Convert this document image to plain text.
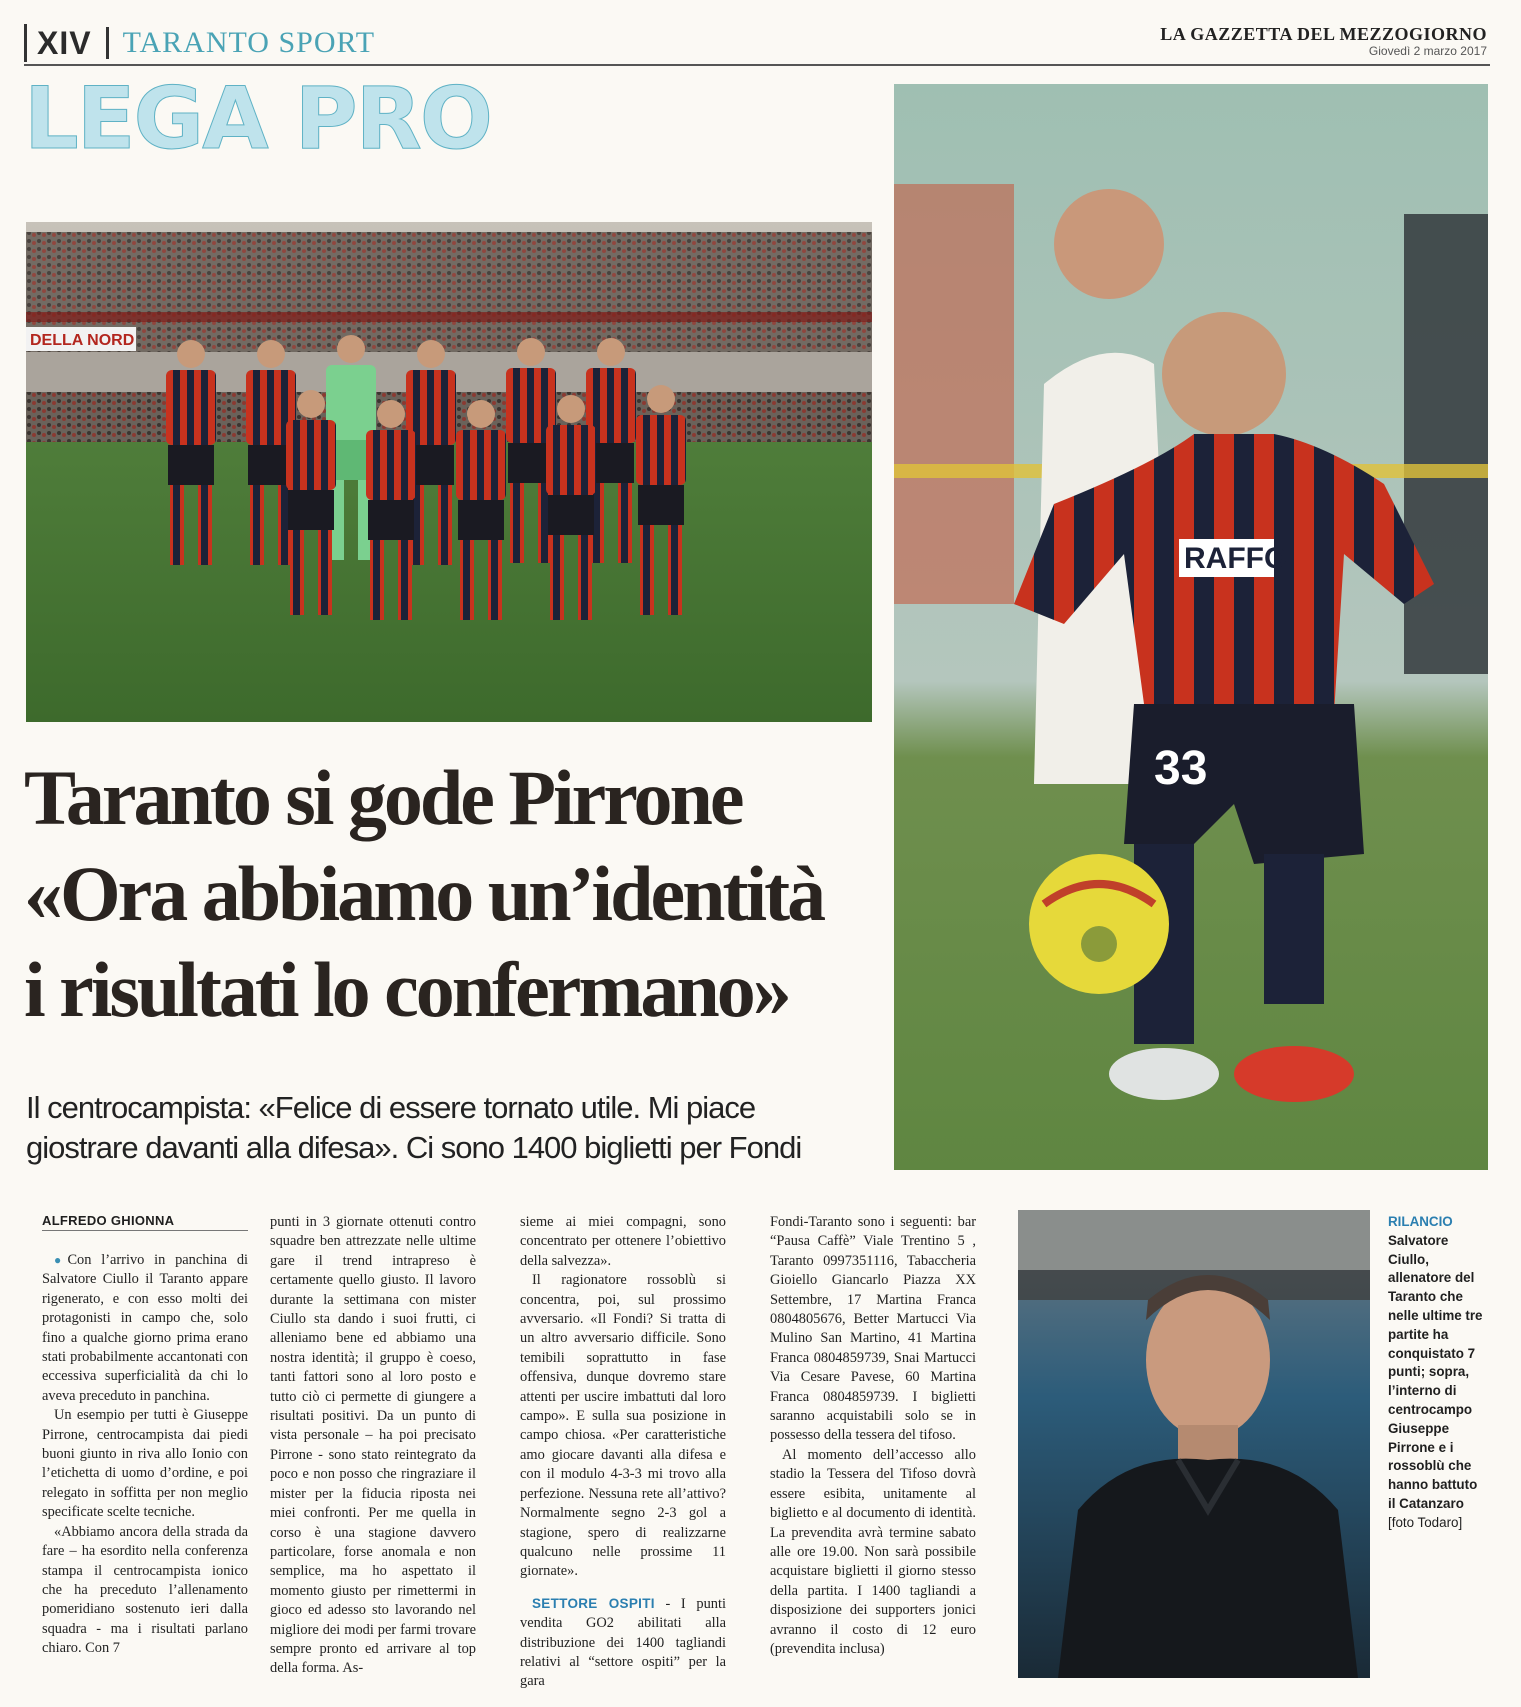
XIV TARANTO SPORT	LA GAZZETTA DEL MEZZOGIORNO
Giovedì 2 marzo 2017
LEGA PRO
DELLA NORD
RAFFO
33
Taranto si gode Pirrone
«Ora abbiamo un’identità
i risultati lo confermano»
Il centrocampista: «Felice di essere tornato utile. Mi piace
giostrare davanti alla difesa». Ci sono 1400 biglietti per Fondi
ALFREDO GHIONNA

●Con l’arrivo in panchina di Salvatore Ciullo il Taranto appare rigenerato, e con esso molti dei protagonisti in campo che, solo fino a qualche giorno prima erano stati probabilmente accantonati con eccessiva superficialità da chi lo aveva preceduto in panchina.

Un esempio per tutti è Giuseppe Pirrone, centrocampista dai piedi buoni giunto in riva allo Ionio con l’etichetta di uomo d’ordine, e poi relegato in soffitta per non meglio specificate scelte tecniche.

«Abbiamo ancora della strada da fare – ha esordito nella conferenza stampa il centrocampista ionico che ha preceduto l’allenamento pomeridiano sostenuto ieri dalla squadra - ma i risultati parlano chiaro. Con 7

punti in 3 giornate ottenuti contro squadre ben attrezzate nelle ultime gare il trend intrapreso è certamente quello giusto. Il lavoro durante la settimana con mister Ciullo sta dando i suoi frutti, ci alleniamo bene ed abbiamo una nostra identità; il gruppo è coeso, tanti fattori sono al loro posto e tutto ciò ci permette di giungere a risultati positivi. Da un punto di vista personale – ha poi precisato Pirrone - sono stato reintegrato da poco e non posso che ringraziare il mister per la fiducia riposta nei miei confronti. Per me quella in corso è una stagione davvero particolare, forse anomala e non semplice, ma ho aspettato il momento giusto per rimettermi in gioco ed adesso sto lavorando nel migliore dei modi per farmi trovare sempre pronto ed arrivare al top della forma. As-

sieme ai miei compagni, sono concentrato per ottenere l’obiettivo della salvezza».

Il ragionatore rossoblù si concentra, poi, sul prossimo avversario. «Il Fondi? Si tratta di un altro avversario difficile. Sono temibili soprattutto in fase offensiva, dunque dovremo stare attenti per uscire imbattuti dal loro campo». E sulla sua posizione in campo chiosa. «Per caratteristiche amo giocare davanti alla difesa e con il modulo 4-3-3 mi trovo alla perfezione. Nessuna rete all’attivo? Normalmente segno 2-3 gol a stagione, spero di realizzarne qualcuno nelle prossime 11 giornate».

SETTORE OSPITI - I punti vendita GO2 abilitati alla distribuzione dei 1400 tagliandi relativi al “settore ospiti” per la gara

Fondi-Taranto sono i seguenti: bar “Pausa Caffè” Viale Trentino 5 , Taranto 0997351116, Tabaccheria Gioiello Giancarlo Piazza XX Settembre, 17 Martina Franca 0804805676, Better Martucci Via Mulino San Martino, 41 Martina Franca 0804859739, Snai Martucci Via Cesare Pavese, 60 Martina Franca 0804859739. I biglietti saranno acquistabili solo se in possesso della tessera del tifoso.

Al momento dell’accesso allo stadio la Tessera del Tifoso dovrà essere esibita, unitamente al biglietto e al documento di identità. La prevendita avrà termine sabato alle ore 19.00. Non sarà possibile acquistare biglietti il giorno stesso della partita. I 1400 tagliandi a disposizione dei supporters jonici avranno il costo di 12 euro (prevendita inclusa)

RILANCIO
Salvatore Ciullo, allenatore del Taranto che nelle ultime tre partite ha conquistato 7 punti; sopra, l’interno di centrocampo Giuseppe Pirrone e i rossoblù che hanno battuto il Catanzaro
[foto Todaro]
